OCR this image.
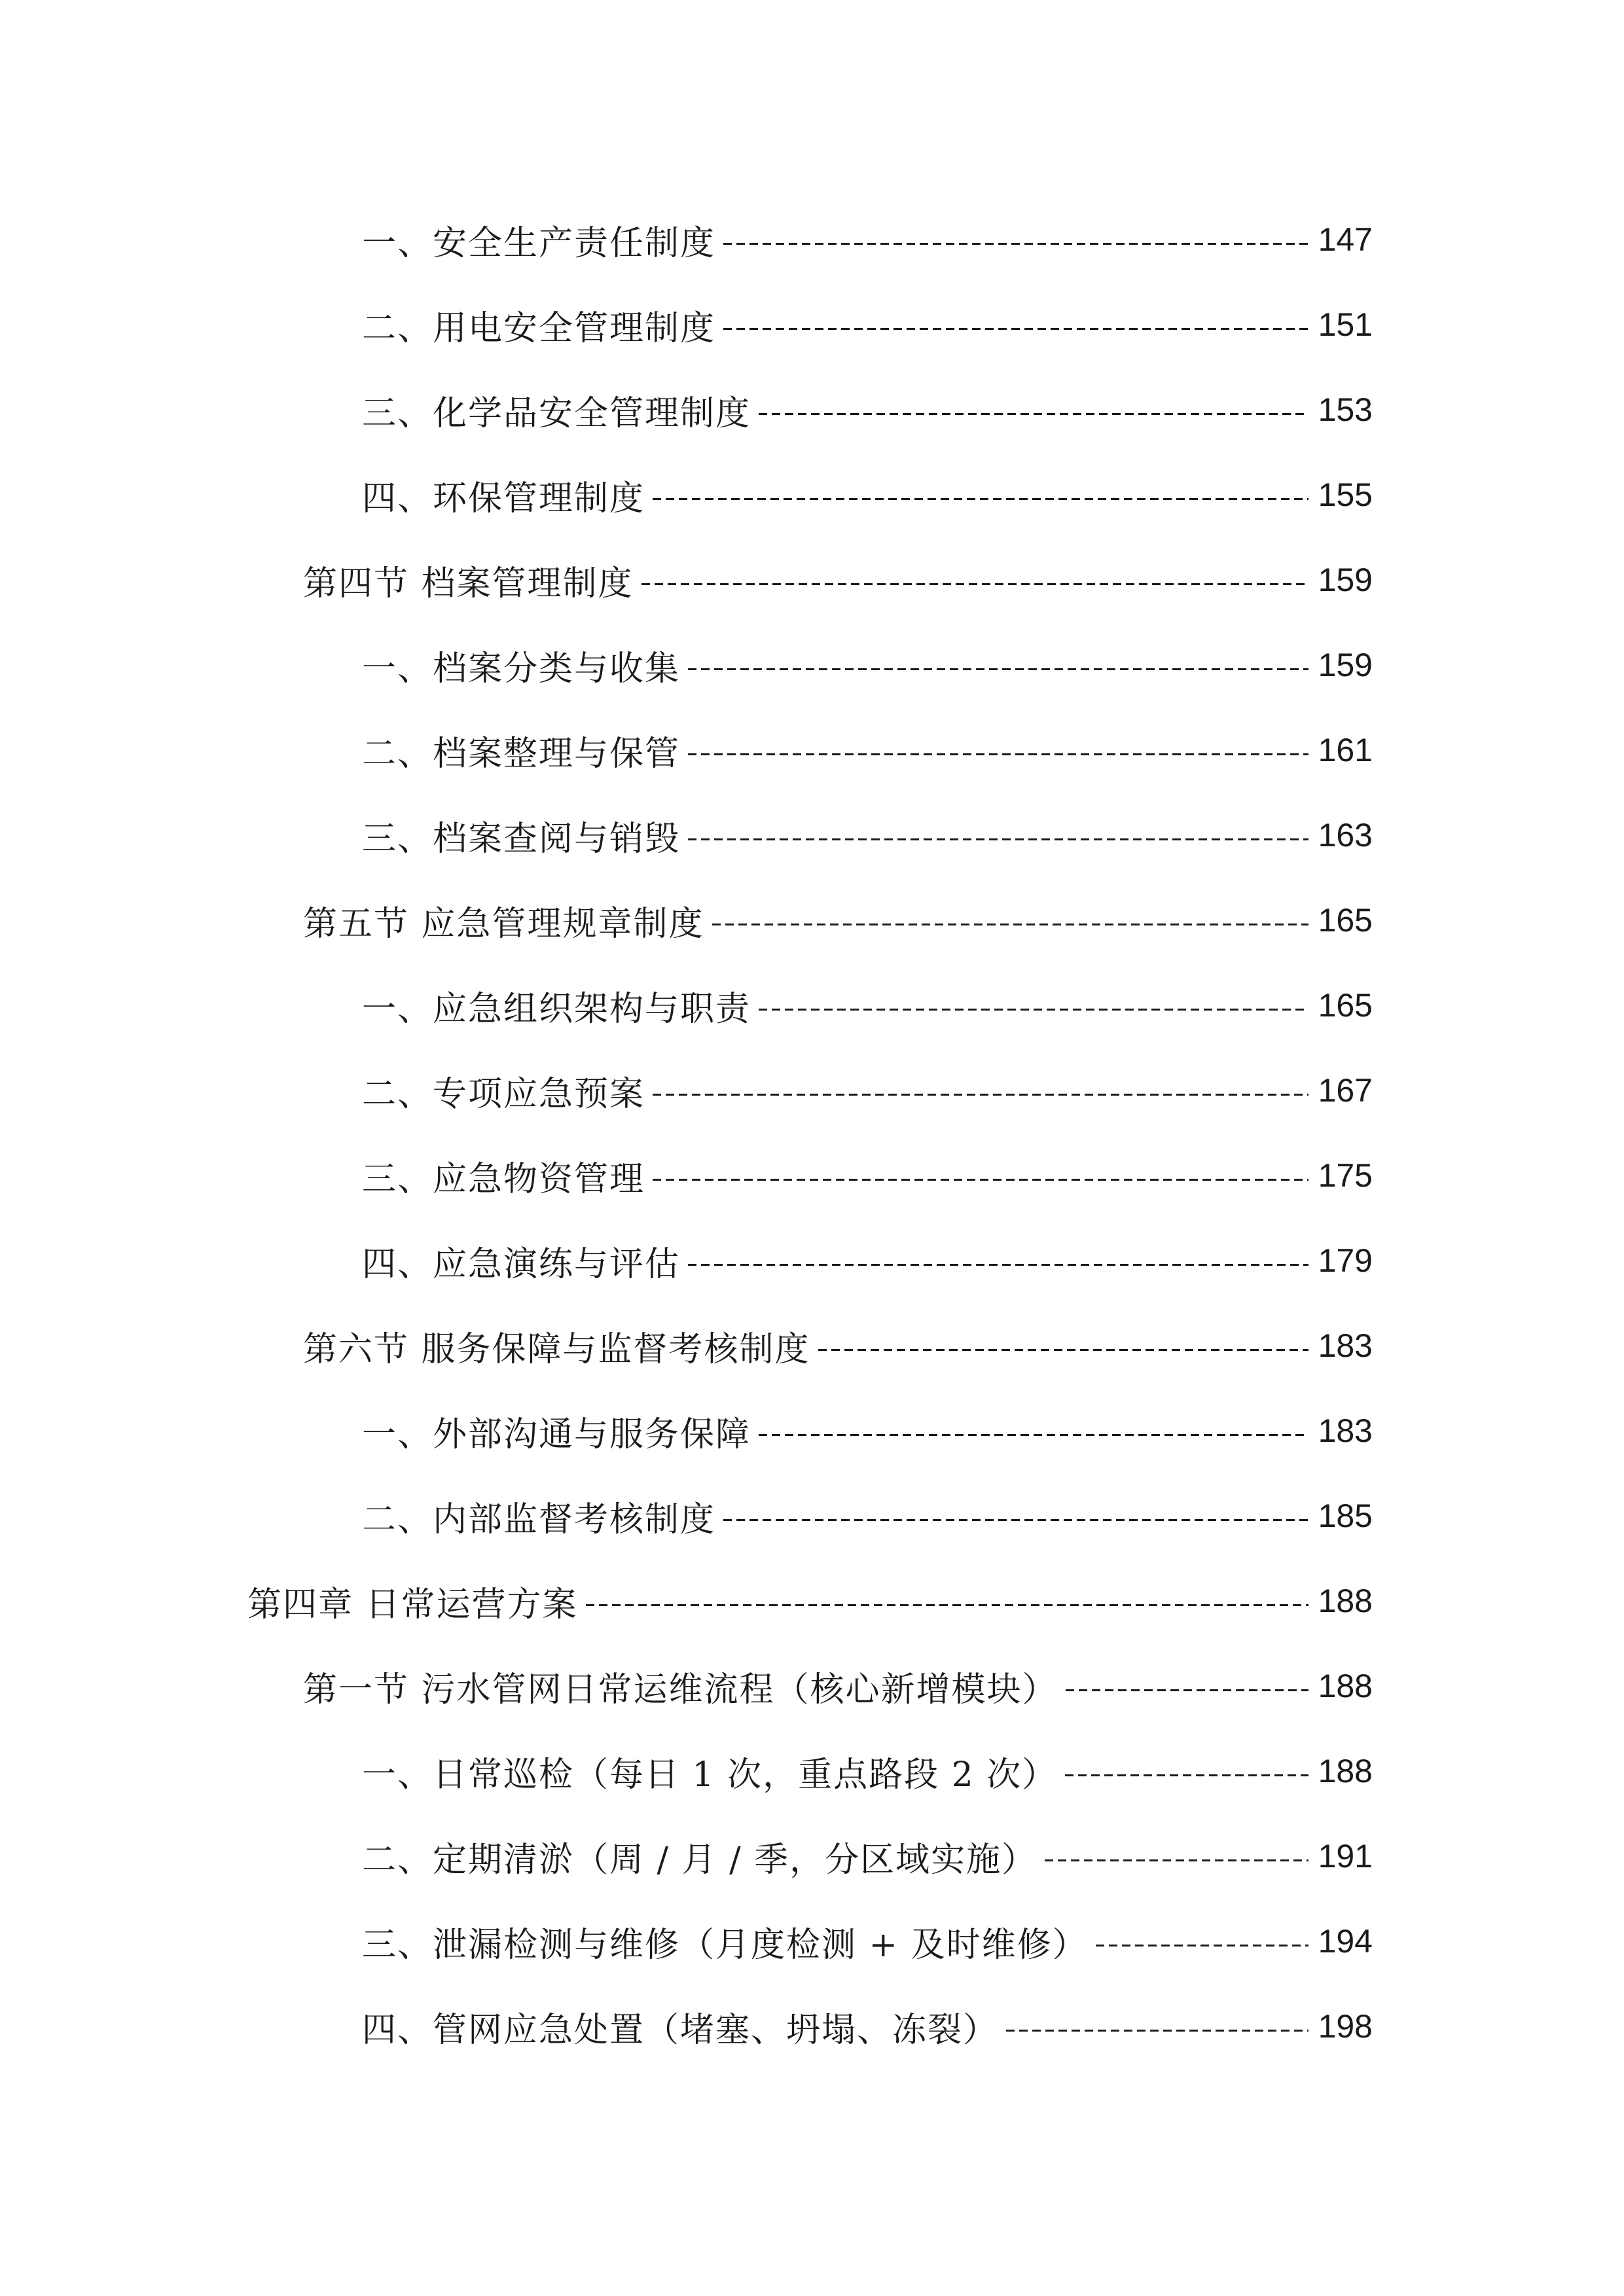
一、安全生产责任制度	147
二、用电安全管理制度	151
三、化学品安全管理制度	153
四、环保管理制度	155
第四节 档案管理制度	159
一、档案分类与收集	159
二、档案整理与保管	161
三、档案查阅与销毁	163
第五节 应急管理规章制度	165
一、应急组织架构与职责	165
二、专项应急预案	167
三、应急物资管理	175
四、应急演练与评估	179
第六节 服务保障与监督考核制度	183
一、外部沟通与服务保障	183
二、内部监督考核制度	185
第四章 日常运营方案	188
第一节 污水管网日常运维流程（核心新增模块）	188
一、日常巡检（每日 1 次，重点路段 2 次）	188
二、定期清淤（周 / 月 / 季，分区域实施）	191
三、泄漏检测与维修（月度检测 + 及时维修）	194
四、管网应急处置（堵塞、坍塌、冻裂）	198
